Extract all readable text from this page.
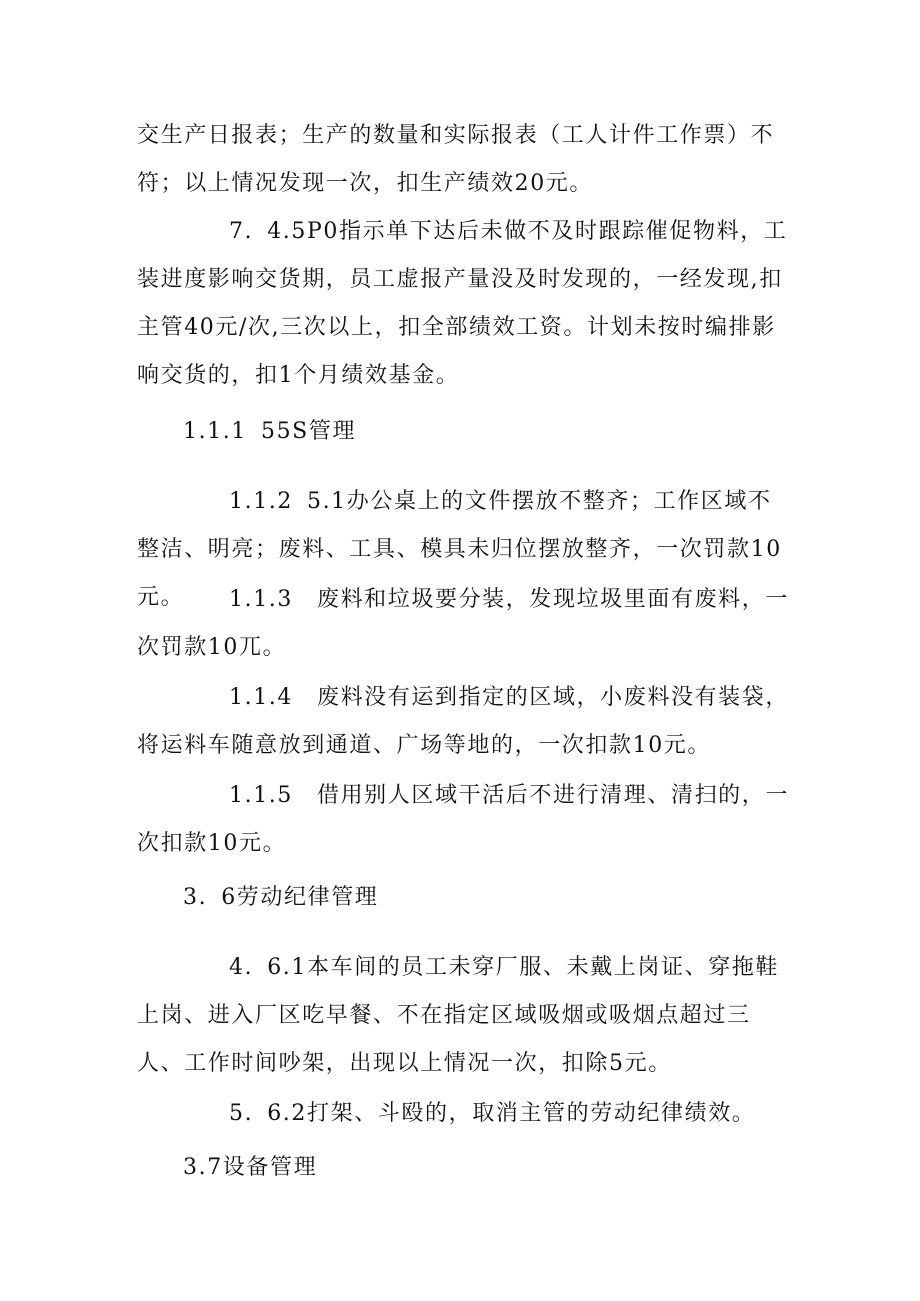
交生产日报表；生产的数量和实际报表（工人计件工作票）不符；以上情况发现一次，扣生产绩效20元。

7. 4.5P0指示单下达后未做不及时跟踪催促物料，工装进度影响交货期，员工虚报产量没及时发现的，一经发现,扣主管40元/次,三次以上，扣全部绩效工资。计划未按时编排影响交货的，扣1个月绩效基金。

1.1.1 55S管理

1.1.2 5.1办公桌上的文件摆放不整齐；工作区域不整洁、明亮；废料、工具、模具未归位摆放整齐，一次罚款10元。	1.1.3 废料和垃圾要分装，发现垃圾里面有废料，一次罚款10兀。

1.1.4 废料没有运到指定的区域，小废料没有装袋，将运料车随意放到通道、广场等地的，一次扣款10元。

1.1.5 借用别人区域干活后不进行清理、清扫的，一次扣款10元。

3. 6劳动纪律管理

4. 6.1本车间的员工未穿厂服、未戴上岗证、穿拖鞋上岗、进入厂区吃早餐、不在指定区域吸烟或吸烟点超过三人、工作时间吵架，出现以上情况一次，扣除5元。

5. 6.2打架、斗殴的，取消主管的劳动纪律绩效。

3.7设备管理
